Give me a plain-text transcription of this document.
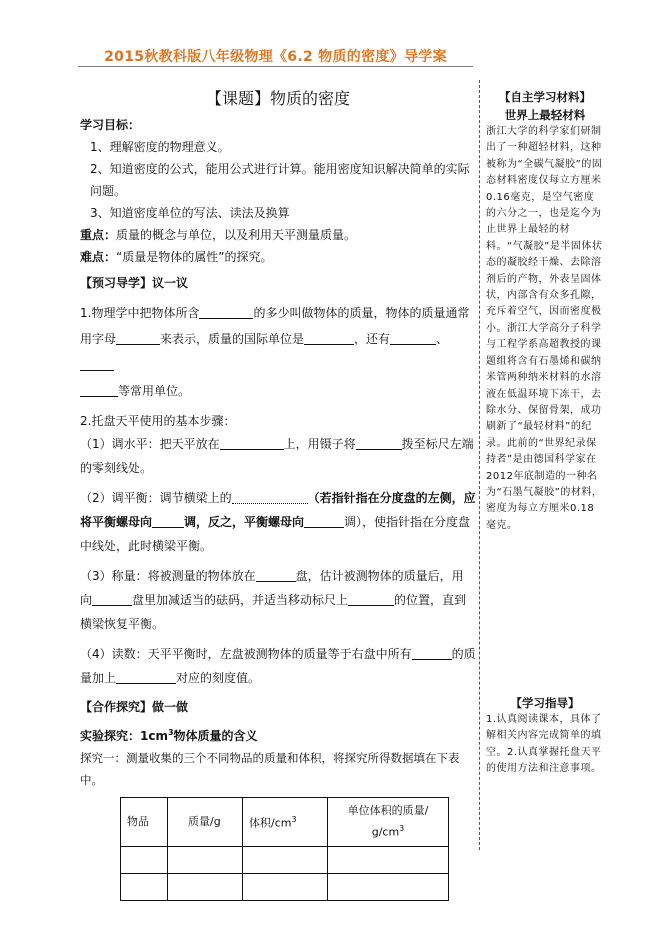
2015秋教科版八年级物理《6.2 物质的密度》导学案
【课题】物质的密度

学习目标：

1、理解密度的物理意义。

2、知道密度的公式，能用公式进行计算。能用密度知识解决简单的实际问题。

3、知道密度单位的写法、读法及换算

重点：质量的概念与单位，以及利用天平测量质量。

难点：“质量是物体的属性”的探究。

【预习导学】议一议

1.物理学中把物体所含	的多少叫做物体的质量，物体的质量通常用字母	来表示，质量的国际单位是	，还有	、
等常用单位。

2.托盘天平使用的基本步骤：

（1）调水平：把天平放在	上，用镊子将	拨至标尺左端的零刻线处。

（2）调平衡：调节横梁上的	（若指针指在分度盘的左侧，应将平衡螺母向	调，反之，平衡螺母向	调），使指针指在分度盘中线处，此时横梁平衡。

（3）称量：将被测量的物体放在	盘，估计被测物体的质量后，用
向	盘里加减适当的砝码，并适当移动标尺上	的位置，直到横梁恢复平衡。

（4）读数：天平平衡时，左盘被测物体的质量等于右盘中所有	的质量加上	对应的刻度值。

【合作探究】做一做

实验探究：$1cm^3$物体质量的含义

探究一：测量收集的三个不同物品的质量和体积，将探究所得数据填在下表中。

物品	质量/g	体积$/cm^3$	单位体积的质量/
$g/cm^3$

【自主学习材料】
世界上最轻材料
浙江大学的科学家们研制出了一种超轻材料，这种被称为“全碳气凝胶”的固态材料密度仅每立方厘米0.16毫克，是空气密度的六分之一，也是迄今为止世界上最轻的材料。“气凝胶”是半固体状态的凝胶经干燥、去除溶剂后的产物，外表呈固体状，内部含有众多孔隙，充斥着空气，因而密度极小。浙江大学高分子科学与工程学系高超教授的课题组将含有石墨烯和碳纳米管两种纳米材料的水溶液在低温环境下冻干，去除水分、保留骨架，成功刷新了“最轻材料”的纪录。此前的“世界纪录保持者”是由德国科学家在2012年底制造的一种名为“石墨气凝胶”的材料，密度为每立方厘米0.18毫克。
【学习指导】
1.认真阅读课本，具体了解相关内容完成简单的填空。2.认真掌握托盘天平的使用方法和注意事项。
